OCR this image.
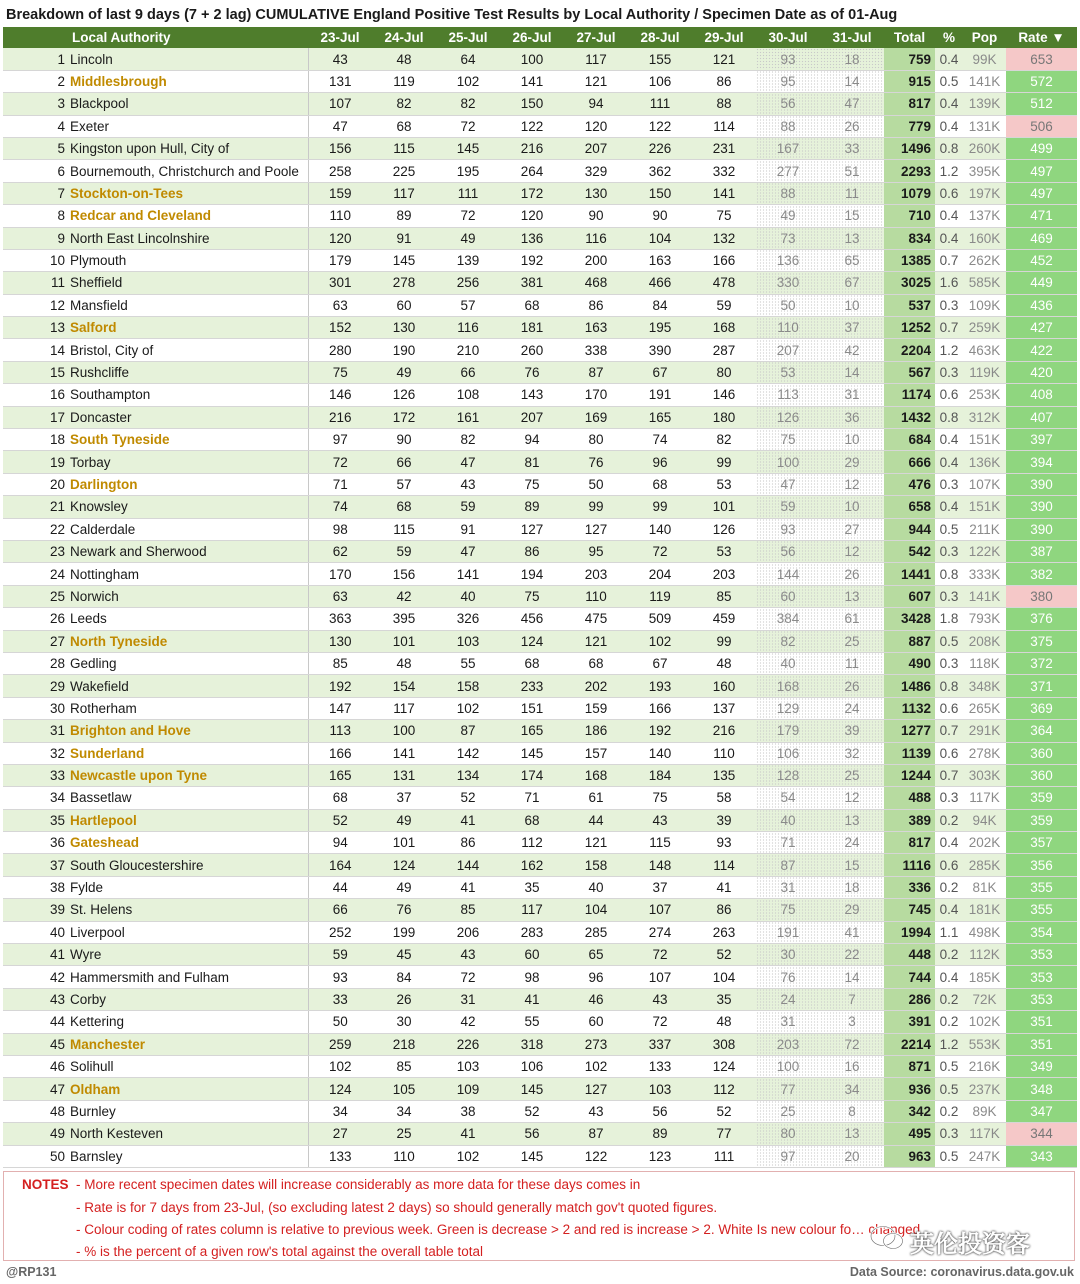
Breakdown of last 9 days (7 + 2 lag) CUMULATIVE England Positive Test Results by Local Authority / Specimen Date as of 01-Aug
	Local Authority	23-Jul	24-Jul	25-Jul	26-Jul	27-Jul	28-Jul	29-Jul	30-Jul	31-Jul	Total	%	Pop	Rate ▼
1	Lincoln	43	48	64	100	117	155	121	93	18	759	0.4	99K	653
2	Middlesbrough	131	119	102	141	121	106	86	95	14	915	0.5	141K	572
3	Blackpool	107	82	82	150	94	111	88	56	47	817	0.4	139K	512
4	Exeter	47	68	72	122	120	122	114	88	26	779	0.4	131K	506
5	Kingston upon Hull, City of	156	115	145	216	207	226	231	167	33	1496	0.8	260K	499
6	Bournemouth, Christchurch and Poole	258	225	195	264	329	362	332	277	51	2293	1.2	395K	497
7	Stockton-on-Tees	159	117	111	172	130	150	141	88	11	1079	0.6	197K	497
8	Redcar and Cleveland	110	89	72	120	90	90	75	49	15	710	0.4	137K	471
9	North East Lincolnshire	120	91	49	136	116	104	132	73	13	834	0.4	160K	469
10	Plymouth	179	145	139	192	200	163	166	136	65	1385	0.7	262K	452
11	Sheffield	301	278	256	381	468	466	478	330	67	3025	1.6	585K	449
12	Mansfield	63	60	57	68	86	84	59	50	10	537	0.3	109K	436
13	Salford	152	130	116	181	163	195	168	110	37	1252	0.7	259K	427
14	Bristol, City of	280	190	210	260	338	390	287	207	42	2204	1.2	463K	422
15	Rushcliffe	75	49	66	76	87	67	80	53	14	567	0.3	119K	420
16	Southampton	146	126	108	143	170	191	146	113	31	1174	0.6	253K	408
17	Doncaster	216	172	161	207	169	165	180	126	36	1432	0.8	312K	407
18	South Tyneside	97	90	82	94	80	74	82	75	10	684	0.4	151K	397
19	Torbay	72	66	47	81	76	96	99	100	29	666	0.4	136K	394
20	Darlington	71	57	43	75	50	68	53	47	12	476	0.3	107K	390
21	Knowsley	74	68	59	89	99	99	101	59	10	658	0.4	151K	390
22	Calderdale	98	115	91	127	127	140	126	93	27	944	0.5	211K	390
23	Newark and Sherwood	62	59	47	86	95	72	53	56	12	542	0.3	122K	387
24	Nottingham	170	156	141	194	203	204	203	144	26	1441	0.8	333K	382
25	Norwich	63	42	40	75	110	119	85	60	13	607	0.3	141K	380
26	Leeds	363	395	326	456	475	509	459	384	61	3428	1.8	793K	376
27	North Tyneside	130	101	103	124	121	102	99	82	25	887	0.5	208K	375
28	Gedling	85	48	55	68	68	67	48	40	11	490	0.3	118K	372
29	Wakefield	192	154	158	233	202	193	160	168	26	1486	0.8	348K	371
30	Rotherham	147	117	102	151	159	166	137	129	24	1132	0.6	265K	369
31	Brighton and Hove	113	100	87	165	186	192	216	179	39	1277	0.7	291K	364
32	Sunderland	166	141	142	145	157	140	110	106	32	1139	0.6	278K	360
33	Newcastle upon Tyne	165	131	134	174	168	184	135	128	25	1244	0.7	303K	360
34	Bassetlaw	68	37	52	71	61	75	58	54	12	488	0.3	117K	359
35	Hartlepool	52	49	41	68	44	43	39	40	13	389	0.2	94K	359
36	Gateshead	94	101	86	112	121	115	93	71	24	817	0.4	202K	357
37	South Gloucestershire	164	124	144	162	158	148	114	87	15	1116	0.6	285K	356
38	Fylde	44	49	41	35	40	37	41	31	18	336	0.2	81K	355
39	St. Helens	66	76	85	117	104	107	86	75	29	745	0.4	181K	355
40	Liverpool	252	199	206	283	285	274	263	191	41	1994	1.1	498K	354
41	Wyre	59	45	43	60	65	72	52	30	22	448	0.2	112K	353
42	Hammersmith and Fulham	93	84	72	98	96	107	104	76	14	744	0.4	185K	353
43	Corby	33	26	31	41	46	43	35	24	7	286	0.2	72K	353
44	Kettering	50	30	42	55	60	72	48	31	3	391	0.2	102K	351
45	Manchester	259	218	226	318	273	337	308	203	72	2214	1.2	553K	351
46	Solihull	102	85	103	106	102	133	124	100	16	871	0.5	216K	349
47	Oldham	124	105	109	145	127	103	112	77	34	936	0.5	237K	348
48	Burnley	34	34	38	52	43	56	52	25	8	342	0.2	89K	347
49	North Kesteven	27	25	41	56	87	89	77	80	13	495	0.3	117K	344
50	Barnsley	133	110	102	145	122	123	111	97	20	963	0.5	247K	343
NOTES - More recent specimen dates will increase considerably as more data for these days comes in
- Rate is for 7 days from 23-Jul, (so excluding latest 2 days) so should generally match gov't quoted figures.
- Colour coding of rates column is relative to previous week. Green is decrease > 2 and red is increase > 2. White Is new colour fo… changed
- % is the percent of a given row's total against the overall table total	英伦投资客
@RP131	Data Source: coronavirus.data.gov.uk
